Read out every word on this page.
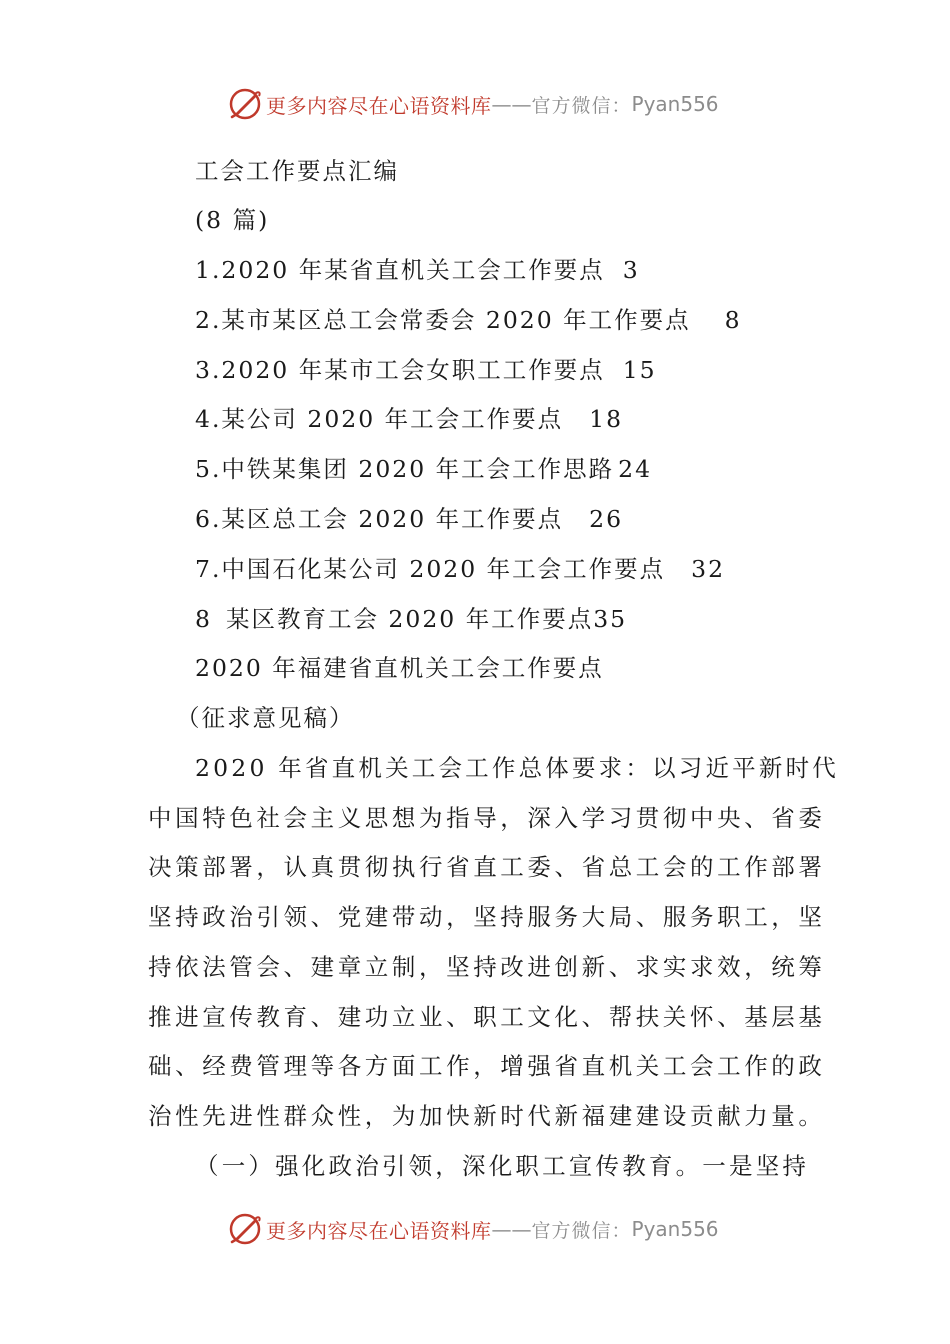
更多内容尽在心语资料库 — — 官方微信： Pyan556
工会工作要点汇编
(8 篇)
1.2020 年某省直机关工会工作要点 3
2.某市某区总工会常委会 2020 年工作要点 8
3.2020 年某市工会女职工工作要点 15
4.某公司 2020 年工会工作要点 18
5.中铁某集团 2020 年工会工作思路 24
6.某区总工会 2020 年工作要点 26
7.中国石化某公司 2020 年工会工作要点 32
8 某区教育工会 2020 年工作要点35
2020 年福建省直机关工会工作要点
（征求意见稿）
2020 年省直机关工会工作总体要求：以习近平新时代
中国特色社会主义思想为指导，深入学习贯彻中央、省委
决策部署，认真贯彻执行省直工委、省总工会的工作部署
坚持政治引领、党建带动，坚持服务大局、服务职工，坚
持依法管会、建章立制，坚持改进创新、求实求效，统筹
推进宣传教育、建功立业、职工文化、帮扶关怀、基层基
础、经费管理等各方面工作，增强省直机关工会工作的政
治性先进性群众性，为加快新时代新福建建设贡献力量。
（一）强化政治引领，深化职工宣传教育。一是坚持
更多内容尽在心语资料库 — — 官方微信： Pyan556
